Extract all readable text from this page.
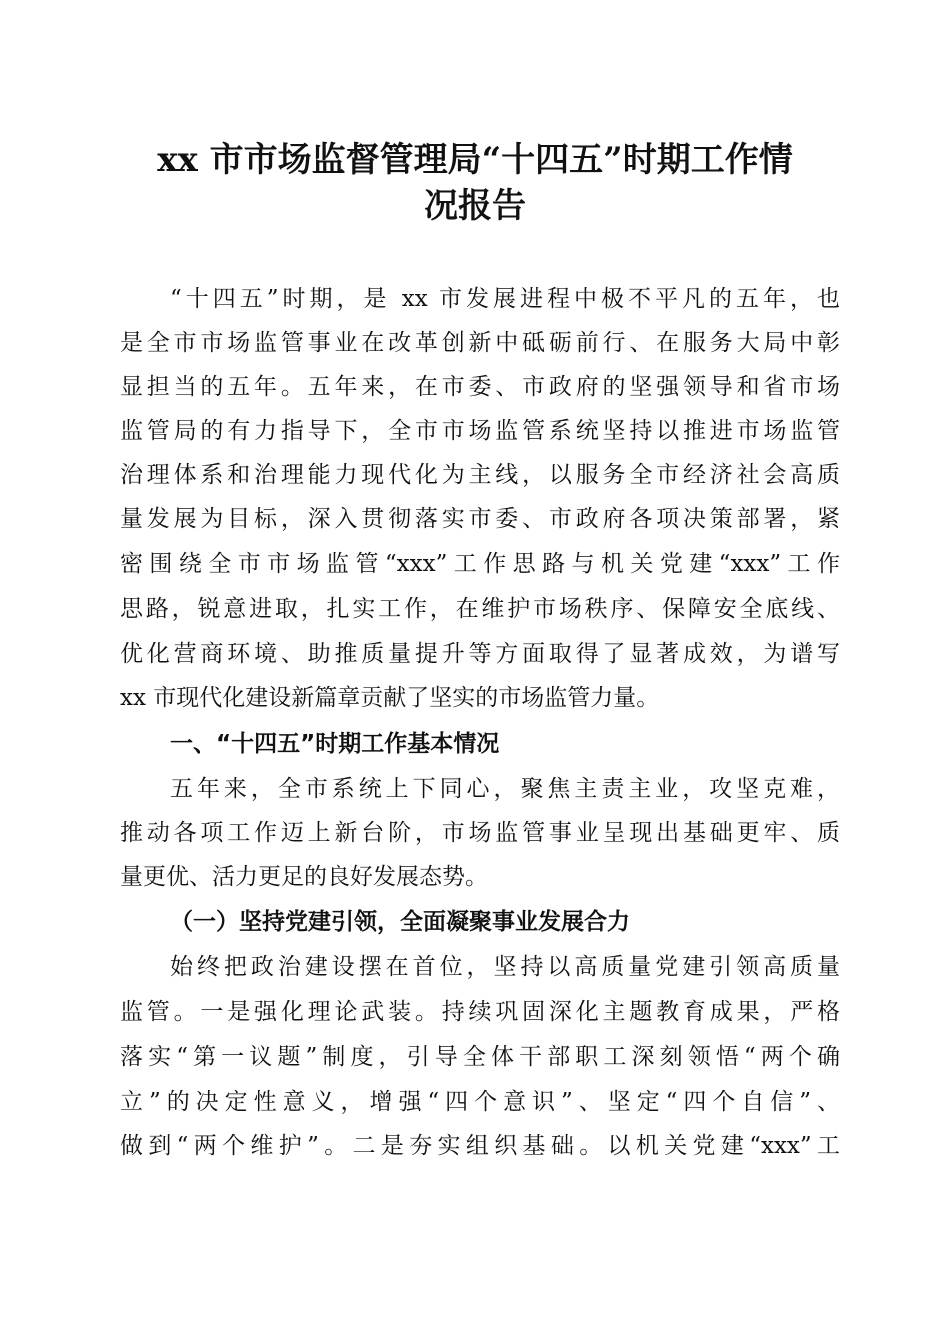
xx 市市场监督管理局“十四五”时期工作情
况报告
“十四五”时期，是 xx 市发展进程中极不平凡的五年，也
是全市市场监管事业在改革创新中砥砺前行、在服务大局中彰
显担当的五年。五年来，在市委、市政府的坚强领导和省市场
监管局的有力指导下，全市市场监管系统坚持以推进市场监管
治理体系和治理能力现代化为主线，以服务全市经济社会高质
量发展为目标，深入贯彻落实市委、市政府各项决策部署，紧
密围绕全市市场监管“xxx”工作思路与机关党建“xxx”工作
思路，锐意进取，扎实工作，在维护市场秩序、保障安全底线、
优化营商环境、助推质量提升等方面取得了显著成效，为谱写
xx 市现代化建设新篇章贡献了坚实的市场监管力量。
一、“十四五”时期工作基本情况
五年来，全市系统上下同心，聚焦主责主业，攻坚克难，
推动各项工作迈上新台阶，市场监管事业呈现出基础更牢、质
量更优、活力更足的良好发展态势。
（一）坚持党建引领，全面凝聚事业发展合力
始终把政治建设摆在首位，坚持以高质量党建引领高质量
监管。一是强化理论武装。持续巩固深化主题教育成果，严格
落实“第一议题”制度，引导全体干部职工深刻领悟“两个确
立”的决定性意义，增强“四个意识”、坚定“四个自信”、
做到“两个维护”。二是夯实组织基础。以机关党建“xxx”工
